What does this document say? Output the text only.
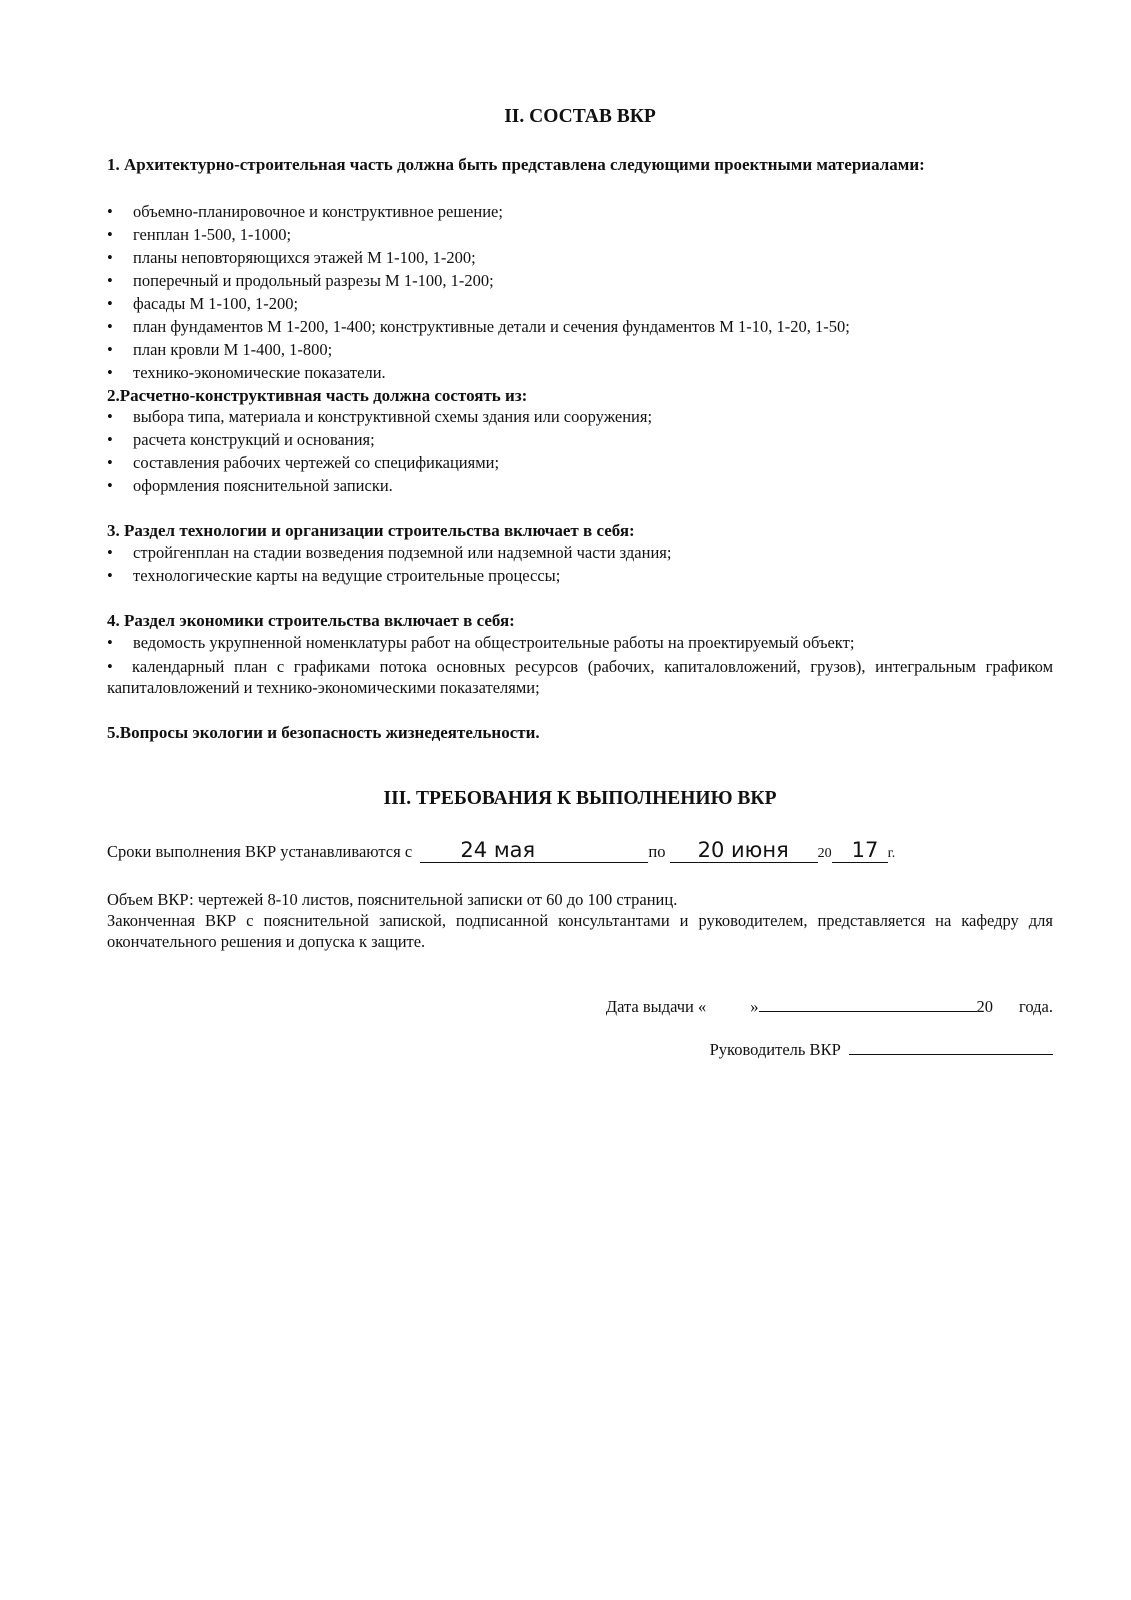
II. СОСТАВ ВКР

1. Архитектурно-строительная часть должна быть представлена следующими проектными материалами:

• объемно-планировочное и конструктивное решение;
• генплан 1-500, 1-1000;
• планы неповторяющихся этажей М 1-100, 1-200;
• поперечный и продольный разрезы М 1-100, 1-200;
• фасады М 1-100, 1-200;
• план фундаментов М 1-200, 1-400; конструктивные детали и сечения фундаментов М 1-10, 1-20, 1-50;
• план кровли М 1-400, 1-800;
• технико-экономические показатели.

2.Расчетно-конструктивная часть должна состоять из:

• выбора типа, материала и конструктивной схемы здания или сооружения;
• расчета конструкций и основания;
• составления рабочих чертежей со спецификациями;
• оформления пояснительной записки.

3. Раздел технологии и организации строительства включает в себя:

• стройгенплан на стадии возведения подземной или надземной части здания;
• технологические карты на ведущие строительные процессы;

4. Раздел экономики строительства включает в себя:

• ведомость укрупненной номенклатуры работ на общестроительные работы на проектируемый объект;
• календарный план с графиками потока основных ресурсов (рабочих, капиталовложений, грузов), интегральным графиком капиталовложений и технико-экономическими показателями;

5.Вопросы экологии и безопасность жизнедеятельности.

III. ТРЕБОВАНИЯ К ВЫПОЛНЕНИЮ ВКР
Сроки выполнения ВКР устанавливаются с 24 мая	по 20 июня 20 17 г.

Объем ВКР: чертежей 8-10 листов, пояснительной записки от 60 до 100 страниц.

Законченная ВКР с пояснительной запиской, подписанной консультантами и руководителем, представляется на кафедру для окончательного решения и допуска к защите.

Дата выдачи «	»	20 года.
Руководитель ВКР
